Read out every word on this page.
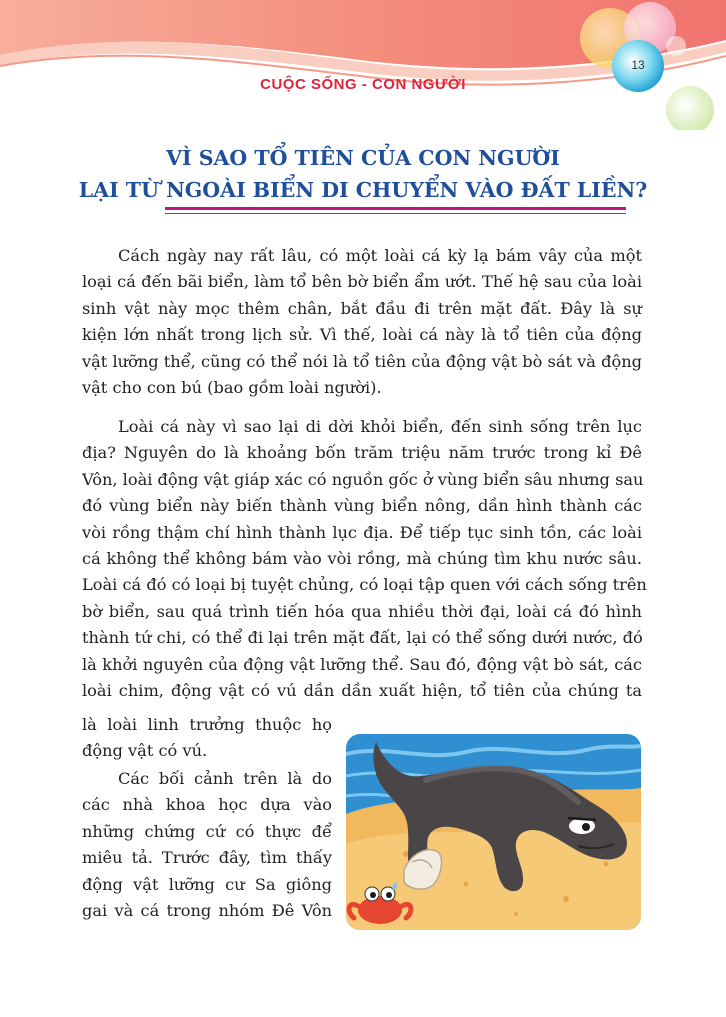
13
CUỘC SỐNG - CON NGƯỜI
VÌ SAO TỔ TIÊN CỦA CON NGƯỜI
LẠI TỪ NGOÀI BIỂN DI CHUYỂN VÀO ĐẤT LIỀN?
Cách ngày nay rất lâu, có một loài cá kỳ lạ bám vây của một
loại cá đến bãi biển, làm tổ bên bờ biển ẩm ướt. Thế hệ sau của loài
sinh vật này mọc thêm chân, bắt đầu đi trên mặt đất. Đây là sự
kiện lớn nhất trong lịch sử. Vì thế, loài cá này là tổ tiên của động
vật lưỡng thể, cũng có thể nói là tổ tiên của động vật bò sát và động
vật cho con bú (bao gồm loài người).
Loài cá này vì sao lại di dời khỏi biển, đến sinh sống trên lục
địa? Nguyên do là khoảng bốn trăm triệu năm trước trong kỉ Đê
Vôn, loài động vật giáp xác có nguồn gốc ở vùng biển sâu nhưng sau
đó vùng biển này biến thành vùng biển nông, dần hình thành các
vòi rồng thậm chí hình thành lục địa. Để tiếp tục sinh tồn, các loài
cá không thể không bám vào vòi rồng, mà chúng tìm khu nước sâu.
Loài cá đó có loại bị tuyệt chủng, có loại tập quen với cách sống trên
bờ biển, sau quá trình tiến hóa qua nhiều thời đại, loài cá đó hình
thành tứ chi, có thể đi lại trên mặt đất, lại có thể sống dưới nước, đó
là khởi nguyên của động vật lưỡng thể. Sau đó, động vật bò sát, các
loài chim, động vật có vú dần dần xuất hiện, tổ tiên của chúng ta
là loài linh trưởng thuộc họ
động vật có vú.
Các bối cảnh trên là do
các nhà khoa học dựa vào
những chứng cứ có thực để
miêu tả. Trước đây, tìm thấy
động vật lưỡng cư Sa giông
gai và cá trong nhóm Đê Vôn
